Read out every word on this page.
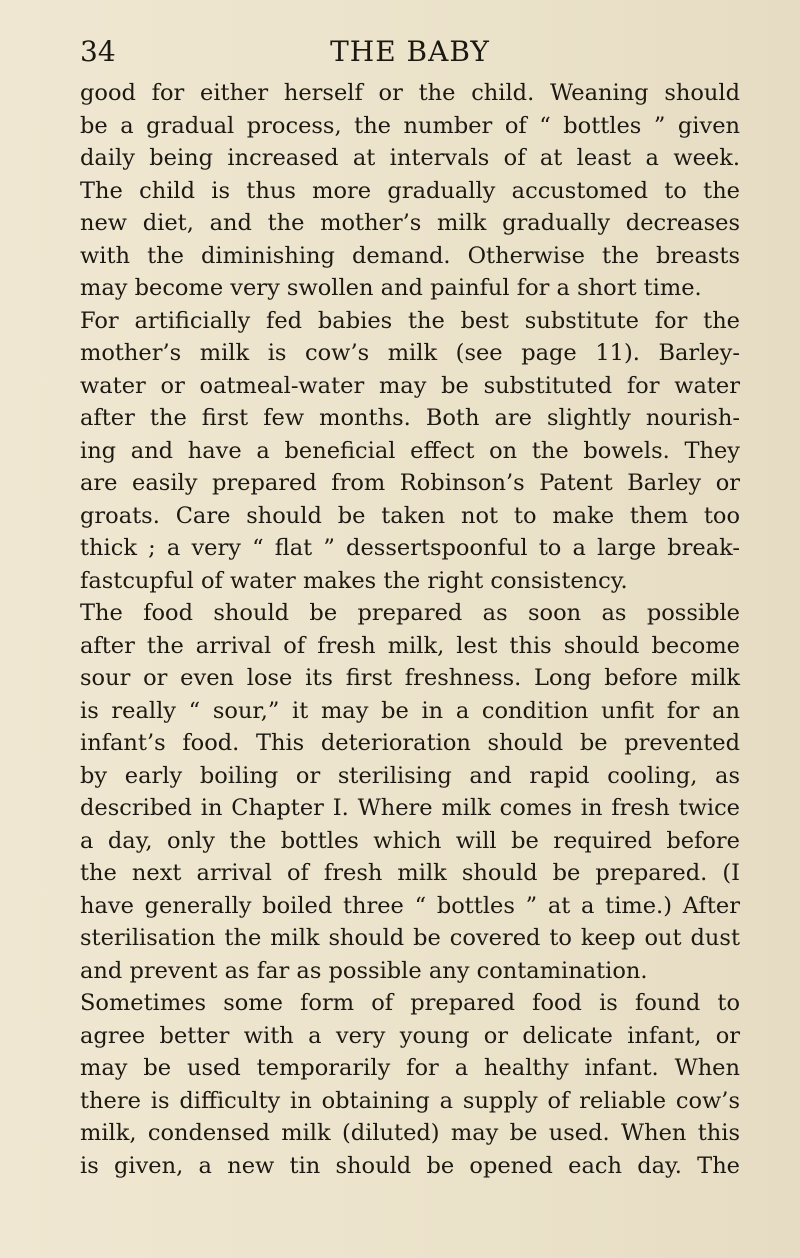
34	THE BABY
good for either herself or the child. Weaning should
be a gradual process, the number of “ bottles ” given
daily being increased at intervals of at least a week.
The child is thus more gradually accustomed to the
new diet, and the mother’s milk gradually decreases
with the diminishing demand. Otherwise the breasts
may become very swollen and painful for a short time.
For artificially fed babies the best substitute for the
mother’s milk is cow’s milk (see page 11). Barley-
water or oatmeal-water may be substituted for water
after the first few months. Both are slightly nourish-
ing and have a beneficial effect on the bowels. They
are easily prepared from Robinson’s Patent Barley or
groats. Care should be taken not to make them too
thick ; a very “ flat ” dessertspoonful to a large break-
fastcupful of water makes the right consistency.
The food should be prepared as soon as possible
after the arrival of fresh milk, lest this should become
sour or even lose its first freshness. Long before milk
is really “ sour,” it may be in a condition unfit for an
infant’s food. This deterioration should be prevented
by early boiling or sterilising and rapid cooling, as
described in Chapter I. Where milk comes in fresh twice
a day, only the bottles which will be required before
the next arrival of fresh milk should be prepared. (I
have generally boiled three “ bottles ” at a time.) After
sterilisation the milk should be covered to keep out dust
and prevent as far as possible any contamination.
Sometimes some form of prepared food is found to
agree better with a very young or delicate infant, or
may be used temporarily for a healthy infant. When
there is difficulty in obtaining a supply of reliable cow’s
milk, condensed milk (diluted) may be used. When this
is given, a new tin should be opened each day. The
